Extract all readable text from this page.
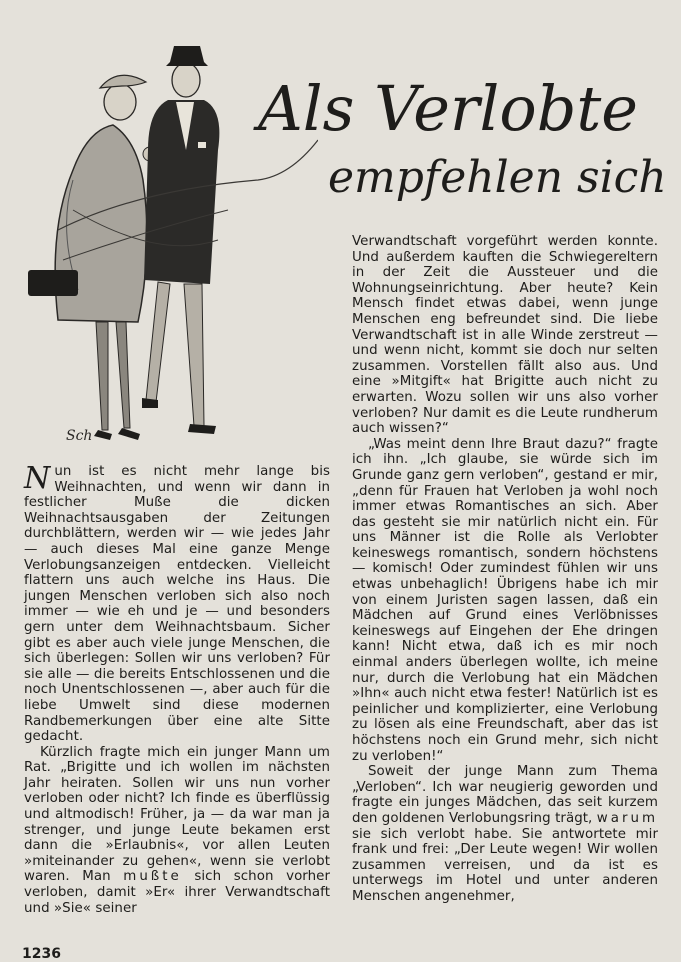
Sch
Als Verlobte
empfehlen sich

Nun ist es nicht mehr lange bis Weihnachten, und wenn wir dann in festlicher Muße die dicken Weihnachtsausgaben der Zeitungen durchblättern, werden wir — wie jedes Jahr — auch dieses Mal eine ganze Menge Verlobungsanzeigen entdecken. Vielleicht flattern uns auch welche ins Haus. Die jungen Menschen verloben sich also noch immer — wie eh und je — und besonders gern unter dem Weihnachtsbaum. Sicher gibt es aber auch viele junge Menschen, die sich überlegen: Sollen wir uns verloben? Für sie alle — die bereits Entschlossenen und die noch Unentschlossenen —, aber auch für die liebe Umwelt sind diese modernen Randbemerkungen über eine alte Sitte gedacht.

Kürzlich fragte mich ein junger Mann um Rat. „Brigitte und ich wollen im nächsten Jahr heiraten. Sollen wir uns nun vorher verloben oder nicht? Ich finde es überflüssig und altmodisch! Früher, ja — da war man ja strenger, und junge Leute bekamen erst dann die »Erlaubnis«, vor allen Leuten »miteinander zu gehen«, wenn sie verlobt waren. Man mußte sich schon vorher verloben, damit »Er« ihrer Verwandtschaft und »Sie« seiner

Verwandtschaft vorgeführt werden konnte. Und außerdem kauften die Schwiegereltern in der Zeit die Aussteuer und die Wohnungseinrichtung. Aber heute? Kein Mensch findet etwas dabei, wenn junge Menschen eng befreundet sind. Die liebe Verwandtschaft ist in alle Winde zerstreut — und wenn nicht, kommt sie doch nur selten zusammen. Vorstellen fällt also aus. Und eine »Mitgift« hat Brigitte auch nicht zu erwarten. Wozu sollen wir uns also vorher verloben? Nur damit es die Leute rundherum auch wissen?“

„Was meint denn Ihre Braut dazu?“ fragte ich ihn. „Ich glaube, sie würde sich im Grunde ganz gern verloben“, gestand er mir, „denn für Frauen hat Verloben ja wohl noch immer etwas Romantisches an sich. Aber das gesteht sie mir natürlich nicht ein. Für uns Männer ist die Rolle als Verlobter keineswegs romantisch, sondern höchstens — komisch! Oder zumindest fühlen wir uns etwas unbehaglich! Übrigens habe ich mir von einem Juristen sagen lassen, daß ein Mädchen auf Grund eines Verlöbnisses keineswegs auf Eingehen der Ehe dringen kann! Nicht etwa, daß ich es mir noch einmal anders überlegen wollte, ich meine nur, durch die Verlobung hat ein Mädchen »Ihn« auch nicht etwa fester! Natürlich ist es peinlicher und komplizierter, eine Verlobung zu lösen als eine Freundschaft, aber das ist höchstens noch ein Grund mehr, sich nicht zu verloben!“

Soweit der junge Mann zum Thema „Verloben“. Ich war neugierig geworden und fragte ein junges Mädchen, das seit kurzem den goldenen Verlobungsring trägt, warum sie sich verlobt habe. Sie antwortete mir frank und frei: „Der Leute wegen! Wir wollen zusammen verreisen, und da ist es unterwegs im Hotel und unter anderen Menschen angenehmer,

1236
